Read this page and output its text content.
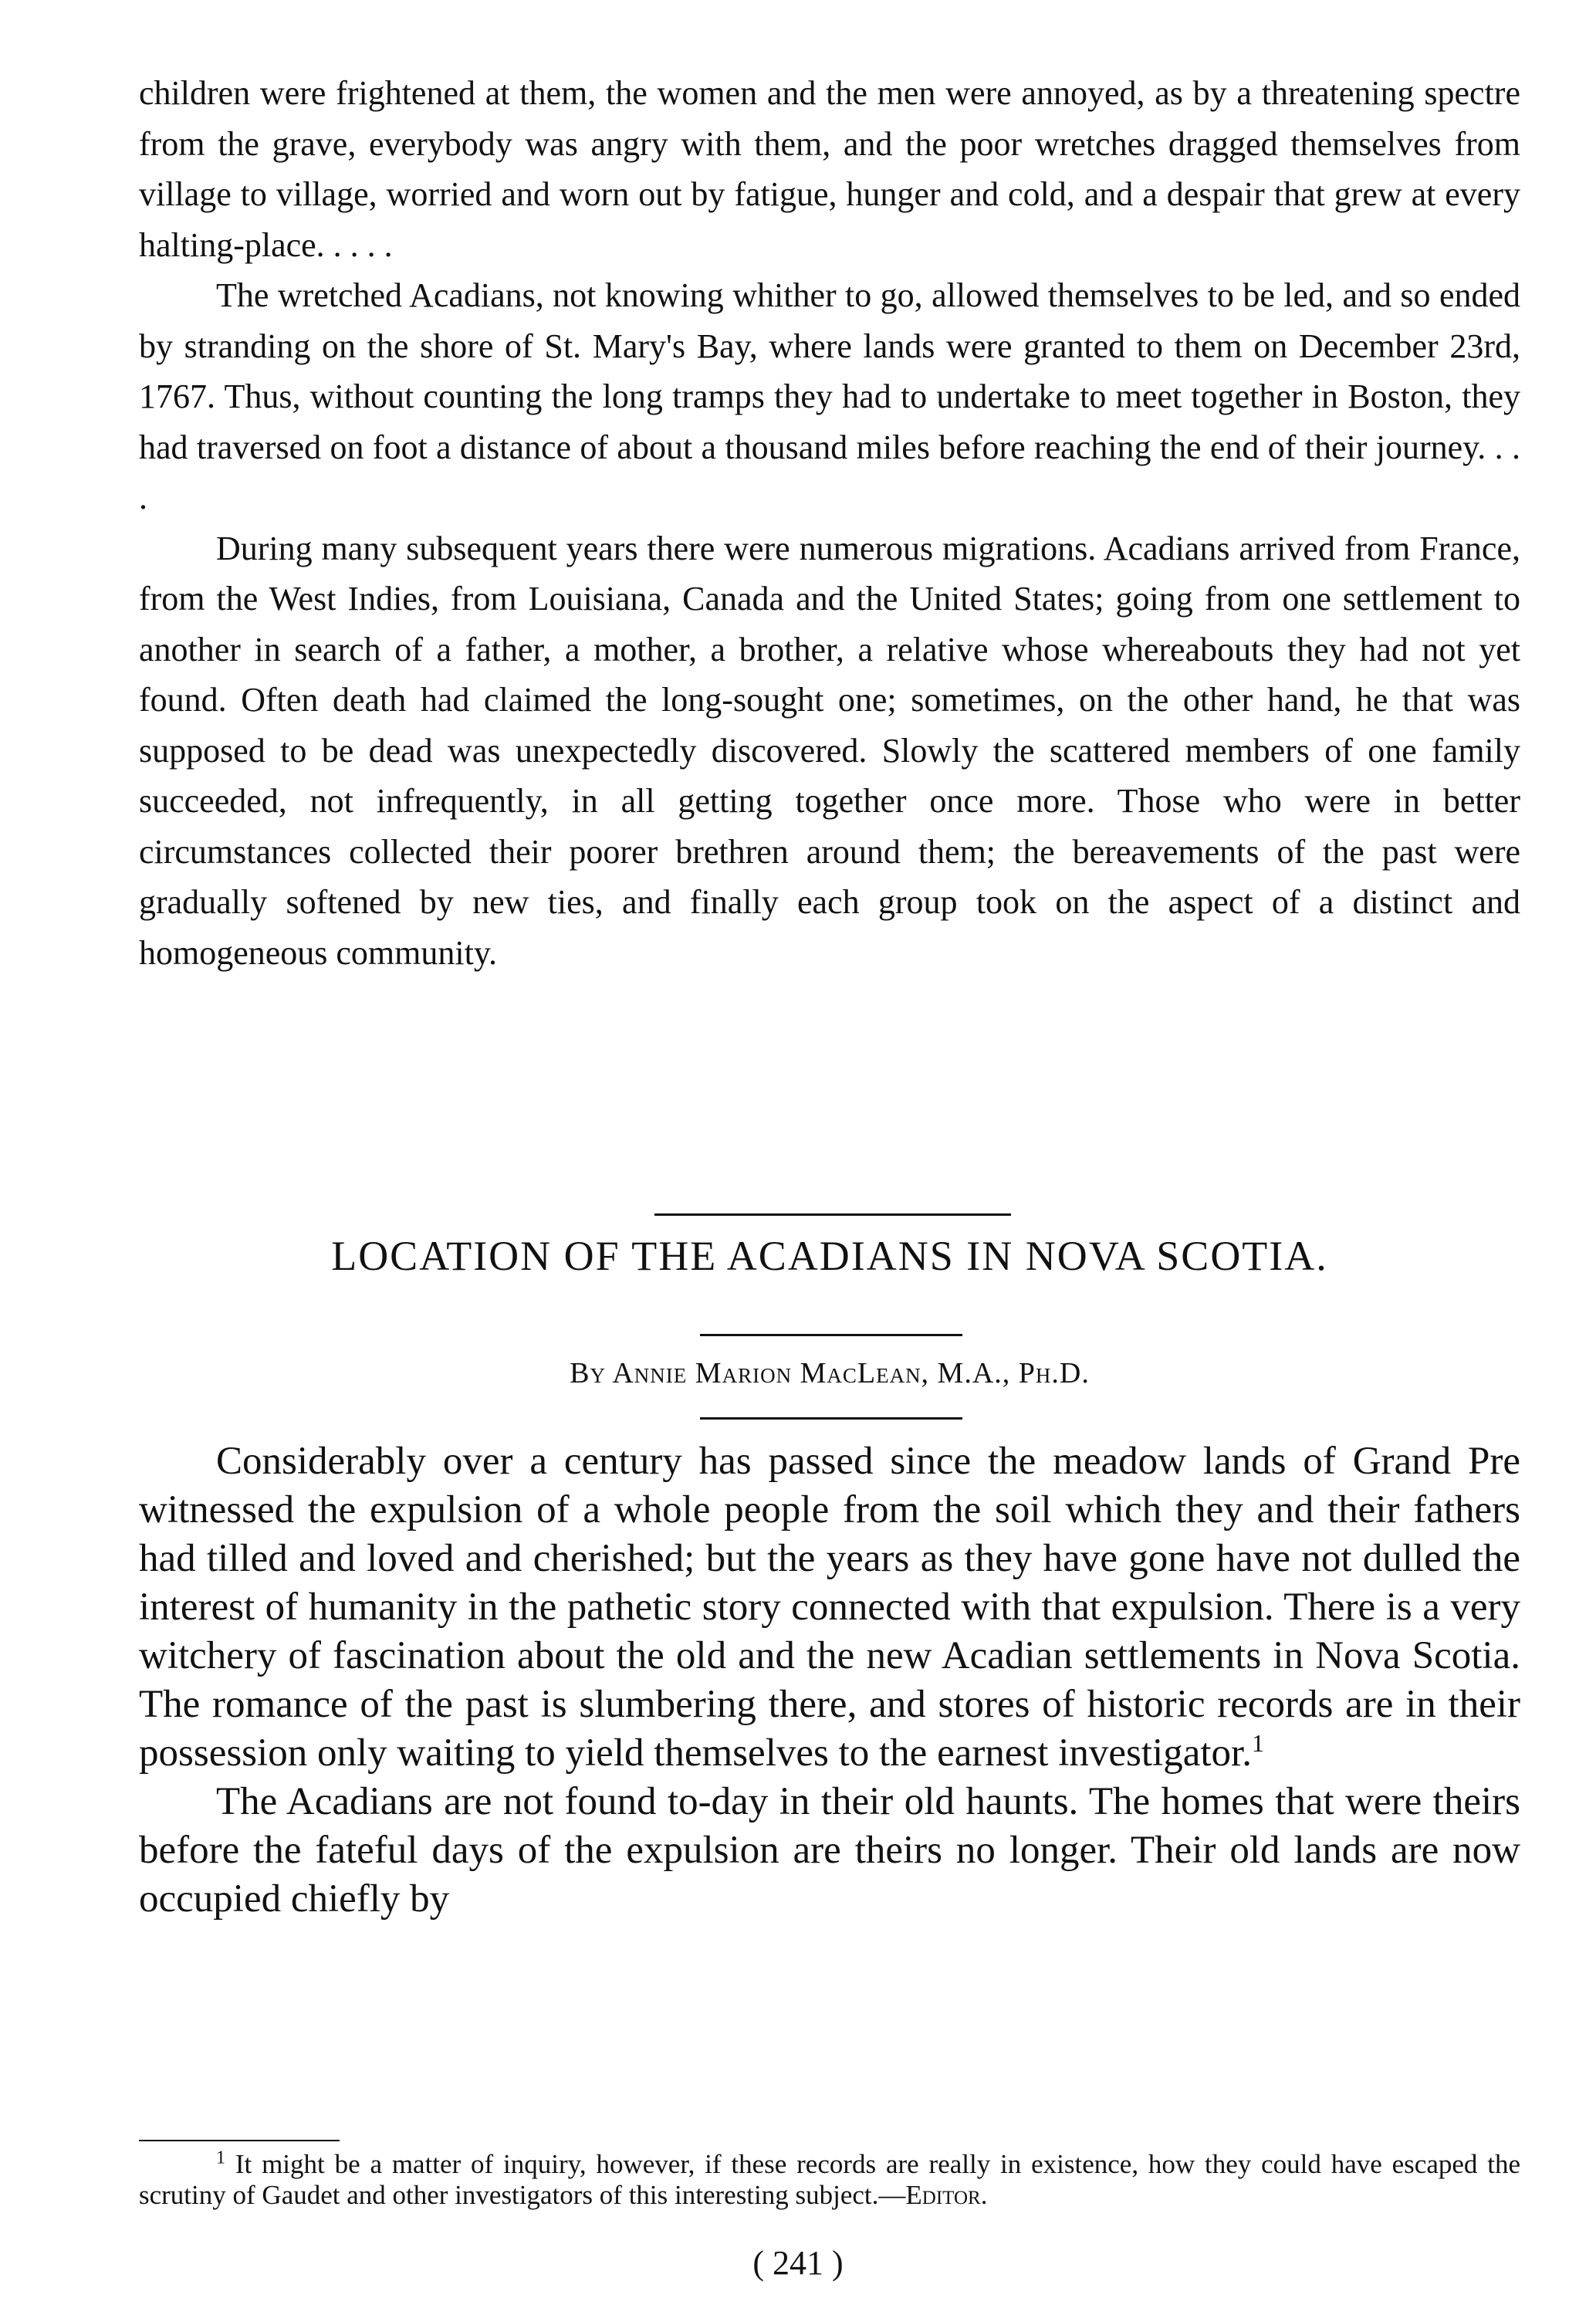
children were frightened at them, the women and the men were annoyed, as by a threatening spectre from the grave, everybody was angry with them, and the poor wretches dragged themselves from village to village, worried and worn out by fatigue, hunger and cold, and a despair that grew at every halting-place. . . . .

The wretched Acadians, not knowing whither to go, allowed themselves to be led, and so ended by stranding on the shore of St. Mary's Bay, where lands were granted to them on December 23rd, 1767. Thus, without counting the long tramps they had to undertake to meet together in Boston, they had traversed on foot a distance of about a thousand miles before reaching the end of their journey. . . .

During many subsequent years there were numerous migrations. Acadians arrived from France, from the West Indies, from Louisiana, Canada and the United States; going from one settlement to another in search of a father, a mother, a brother, a relative whose whereabouts they had not yet found. Often death had claimed the long-sought one; sometimes, on the other hand, he that was supposed to be dead was unexpectedly discovered. Slowly the scattered members of one family succeeded, not infrequently, in all getting together once more. Those who were in better circumstances collected their poorer brethren around them; the bereavements of the past were gradually softened by new ties, and finally each group took on the aspect of a distinct and homogeneous community.

LOCATION OF THE ACADIANS IN NOVA SCOTIA.
By Annie Marion MacLean, M.A., Ph.D.

Considerably over a century has passed since the meadow lands of Grand Pre witnessed the expulsion of a whole people from the soil which they and their fathers had tilled and loved and cherished; but the years as they have gone have not dulled the interest of humanity in the pathetic story connected with that expulsion. There is a very witchery of fascination about the old and the new Acadian settlements in Nova Scotia. The romance of the past is slumbering there, and stores of historic records are in their possession only waiting to yield themselves to the earnest investigator.$^1$

The Acadians are not found to-day in their old haunts. The homes that were theirs before the fateful days of the expulsion are theirs no longer. Their old lands are now occupied chiefly by

$^1$ It might be a matter of inquiry, however, if these records are really in existence, how they could have escaped the scrutiny of Gaudet and other investigators of this interesting subject.—Editor.

( 241 )
